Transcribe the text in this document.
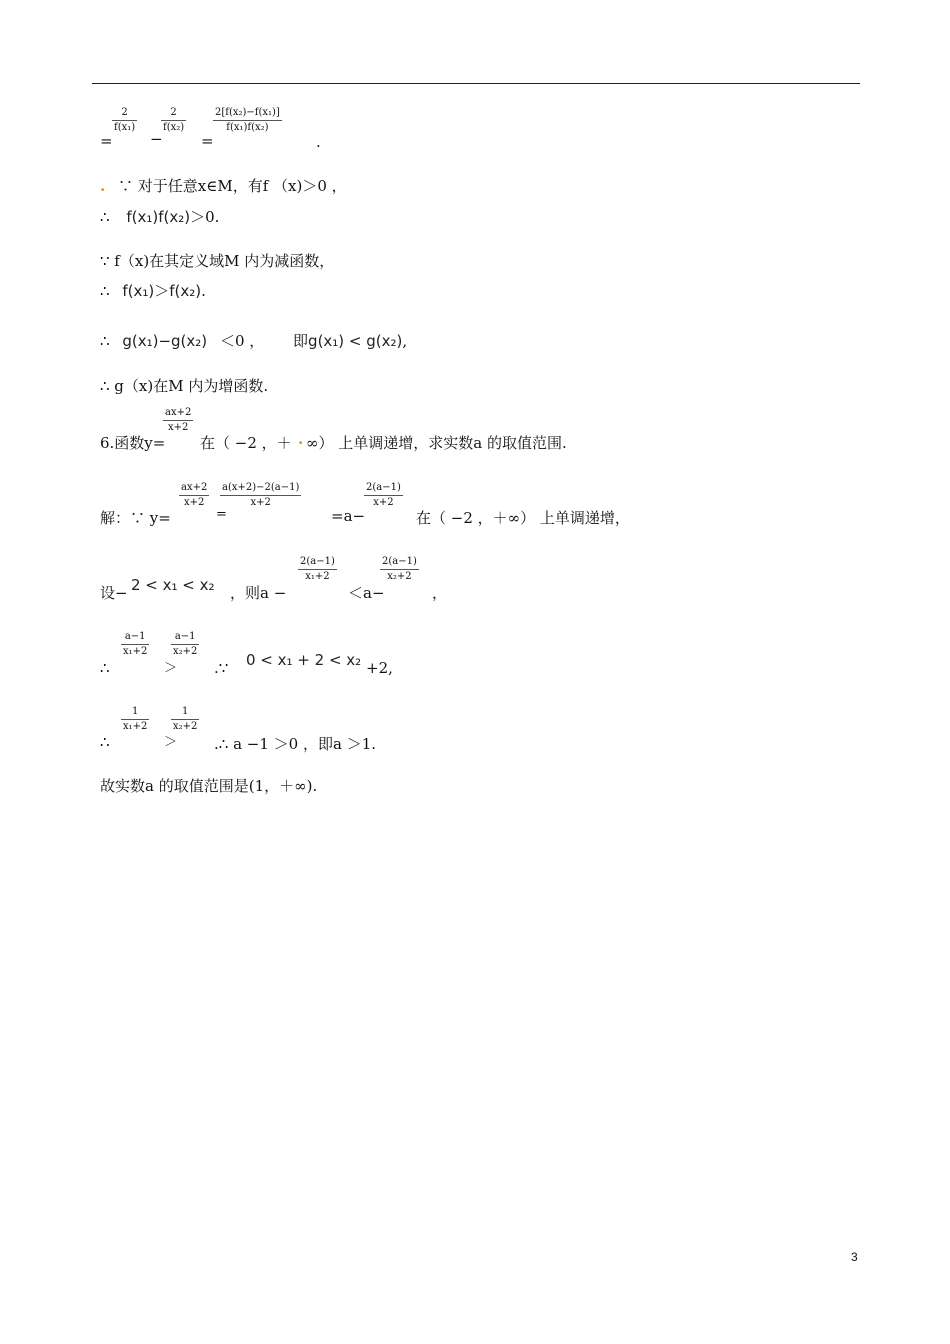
=
2
f(x₁)
−
2
f(x₂)
=
2[f(x₂)−f(x₁)]
f(x₁)f(x₂)
.
. ∵ 对于任意x∈M，有f （x)＞0 ，
∴ f(x₁)f(x₂)＞0.
∵ f（x)在其定义域M 内为减函数，
∴ f(x₁)＞f(x₂).
∴ g(x₁)−g(x₂) ＜0 ， 即g(x₁) < g(x₂),
∴ g（x)在M 内为增函数.
6.函数y=
ax+2
x+2
在（ −2 ，＋ . ∞） 上单调递增，求实数a 的取值范围.
解：∵ y=
ax+2
x+2
=
a(x+2)−2(a−1)
x+2
=a−
2(a−1)
x+2
在（ −2 ，＋∞） 上单调递增，
设− 2 < x₁ < x₂ ，则a −
2(a−1)
x₁+2
＜a−
2(a−1)
x₂+2
，
∴
a−1
x₁+2
＞
a−1
x₂+2
.∵ 0 < x₁ + 2 < x₂ +2,
∴
1
x₁+2
＞
1
x₂+2
.∴ a −1 ＞0 ，即a ＞1.
故实数a 的取值范围是(1，＋∞).
3
